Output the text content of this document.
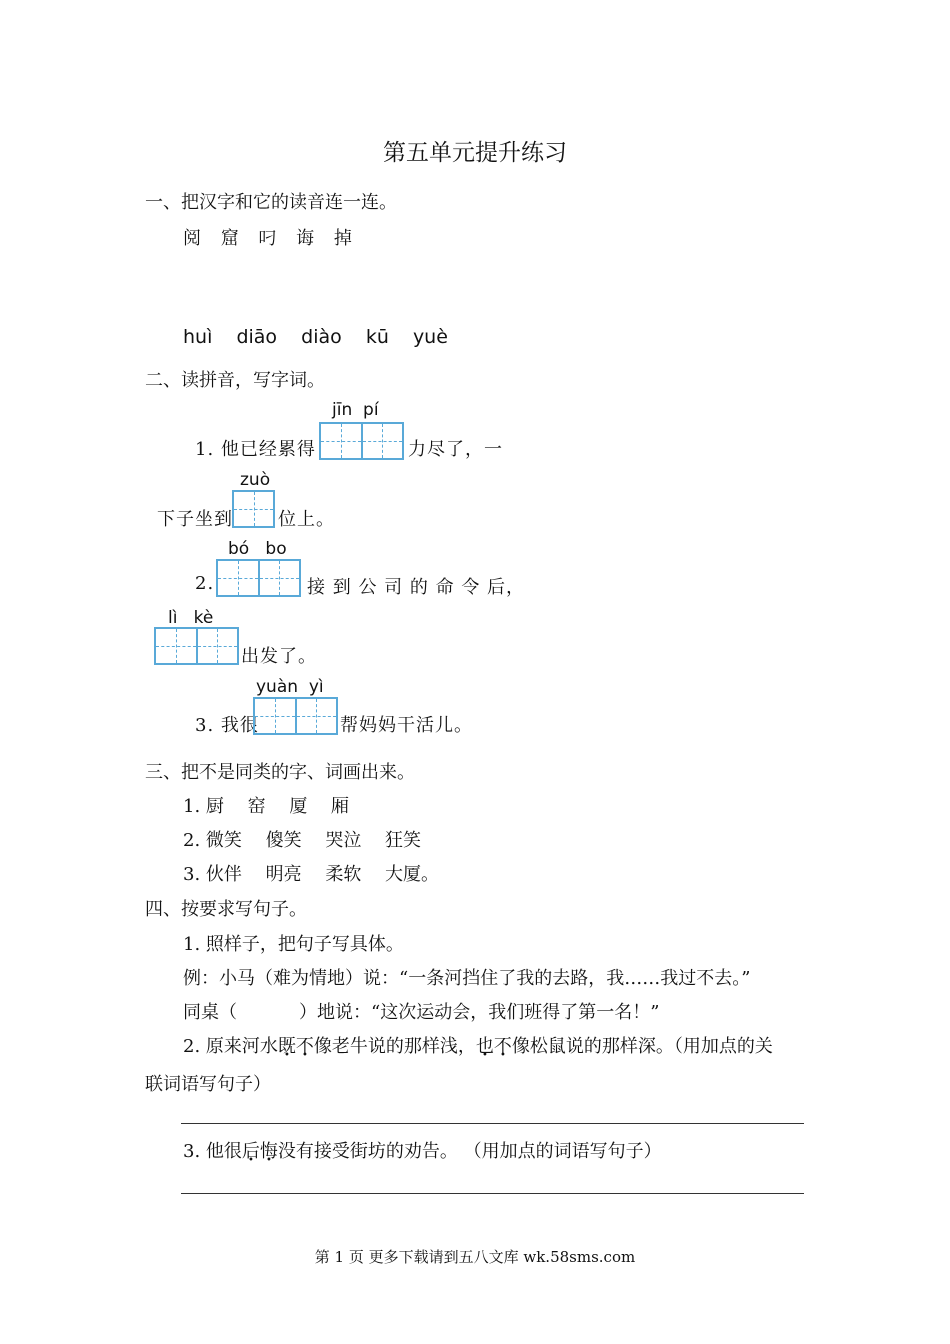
第五单元提升练习
一、把汉字和它的读音连一连。
阅 窟 叼 诲 掉
huì  diāo  diào  kū  yuè
二、读拼音，写字词。
jīn  pí
1. 他已经累得	力尽了，一
zuò
下子坐到	位上。
bó   bo
2.	接 到 公 司 的 命 令 后，
lì   kè
出发了。
yuàn  yì
3. 我很	帮妈妈干活儿。
三、把不是同类的字、词画出来。
1. 厨　 窑　 厦　 厢
2. 微笑　 傻笑　 哭泣　 狂笑
3. 伙伴　 明亮　 柔软　 大厦。
四、按要求写句子。
1. 照样子，把句子写具体。
例：小马（难为情地）说：“一条河挡住了我的去路，我……我过不去。”
同桌（	）地说：“这次运动会，我们班得了第一名！”
2. 原来河水既不像老牛说的那样浅，也不像松鼠说的那样深。（用加点的关
联词语写句子）
3. 他很后悔没有接受街坊的劝告。 （用加点的词语写句子）
第 1 页 更多下载请到五八文库 wk.58sms.com
